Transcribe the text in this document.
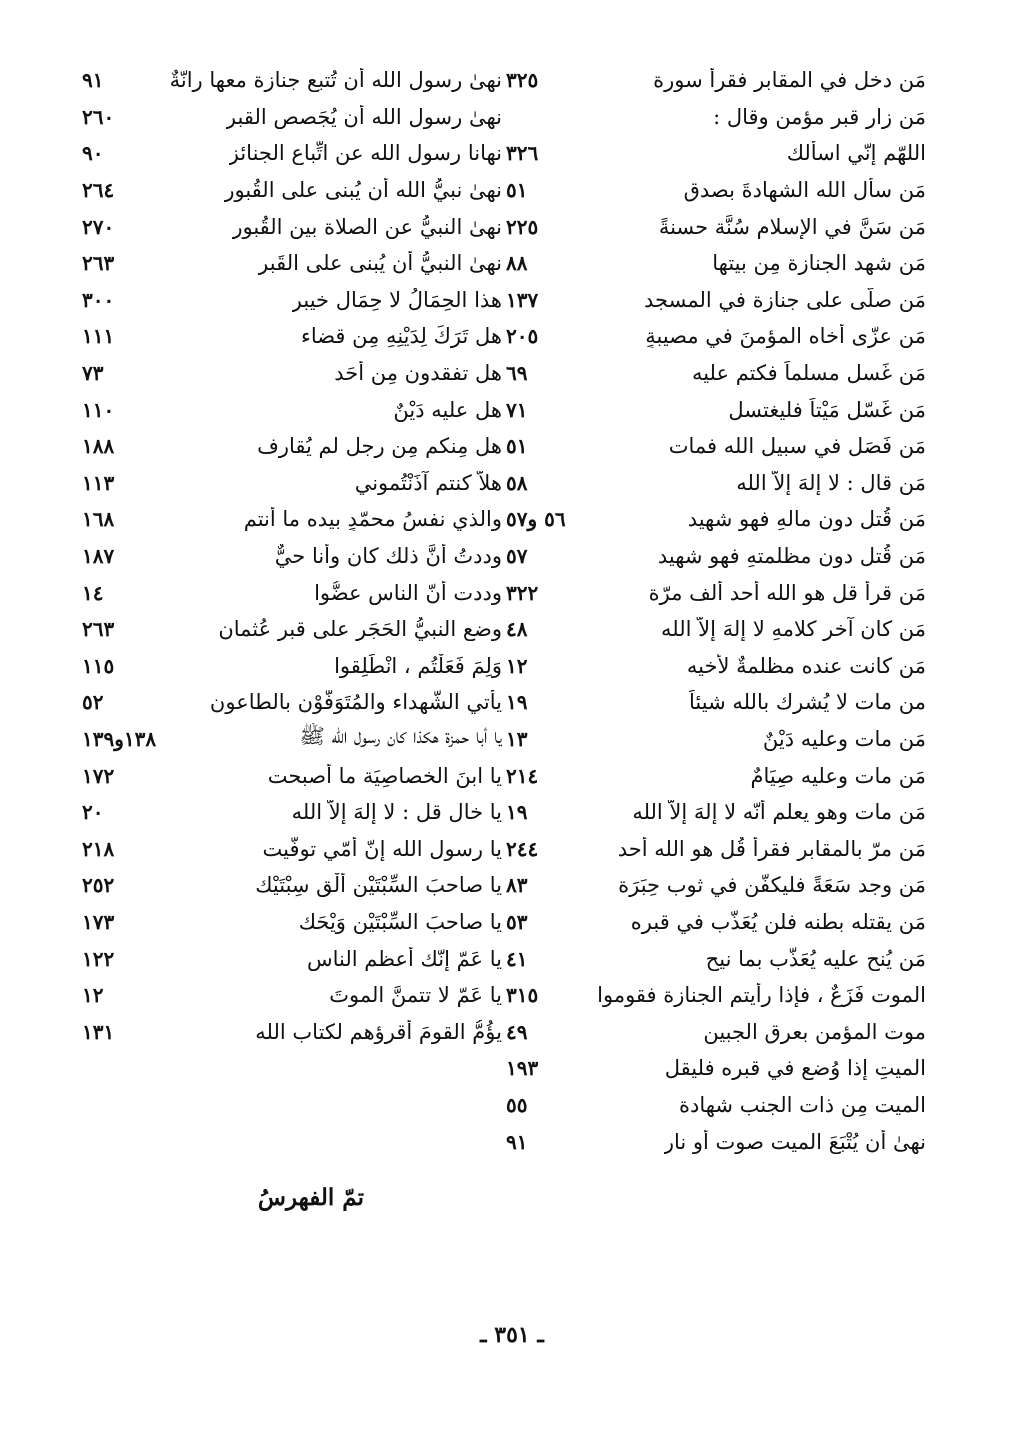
مَن دخل في المقابر فقرأ سورة
٣٢٥
مَن زار قبر مؤمن وقال :
اللهّم إنّي اسألك
٣٢٦
مَن سأل الله الشهادةَ بصدق
٥١
مَن سَنَّ في الإسلام سُنَّة حسنةً
٢٢٥
مَن شهد الجنازة مِن بيتها
٨٨
مَن صلّى على جنازة في المسجد
١٣٧
مَن عزّى أخاه المؤمنَ في مصيبةٍ
٢٠٥
مَن غَسل مسلماً فكتم عليه
٦٩
مَن غَسّل مَيْتاً فليغتسل
٧١
مَن فَصَل في سبيلِ الله فمات
٥١
مَن قال : لا إلهَ إلاّ الله
٥٨
مَن قُتل دون مالهِ فهو شهيد
٥٦ و٥٧
مَن قُتل دون مظلمتهِ فهو شهيد
٥٧
مَن قرأ قل هو الله أحد ألف مرّة
٣٢٢
مَن كان آخر كلامهِ لا إلهَ إلاّ الله
٤٨
مَن كانت عنده مظلمةٌ لأخيه
١٢
من مات لا يُشرك بالله شيئاً
١٩
مَن مات وعليه دَيْنٌ
١٣
مَن مات وعليه صِيَامٌ
٢١٤
مَن مات وهو يعلم أنّه لا إلهَ إلاّ الله
١٩
مَن مرّ بالمقابر فقرأ قُل هو الله أحد
٢٤٤
مَن وجد سَعَةً فليكفّن في ثوب حِبَرَة
٨٣
مَن يقتله بطنه فلن يُعَذّب في قبره
٥٣
مَن يُنح عليه يُعَذّب بما نيح
٤١
الموت فَزَعٌ ، فإذا رأيتم الجنازة فقوموا
٣١٥
موت المؤمن بعرق الجبين
٤٩
الميتِ إذا وُضع في قبره فليقل
١٩٣
الميت مِن ذات الجنب شهادة
٥٥
نهىٰ أن يُتْبَعَ الميت صوت أو نار
٩١
نهىٰ رسول الله أن تُتبع جنازة معها رانّةٌ
٩١
نهىٰ رسول الله أن يُجَصص القبر
٢٦٠
نهانا رسول الله عن اتِّباع الجنائز
٩٠
نهىٰ نبيُّ الله أن يُبنى على القُبور
٢٦٤
نهىٰ النبيُّ عن الصلاة بين القُبور
٢٧٠
نهىٰ النبيُّ أن يُبنى على القَبر
٢٦٣
هذا الحِمَالُ لا حِمَال خيبر
٣٠٠
هل تَرَكَ لِدَيْنِهِ مِن قضاء
١١١
هل تفقدون مِن أَحَد
٧٣
هل عليه دَيْنٌ
١١٠
هل مِنكم مِن رجل لم يُقارف
١٨٨
هلاّ كنتم آذَنْتُموني
١١٣
والذي نفسُ محمّدٍ بيده ما أنتم
١٦٨
وددتُ أنَّ ذلك كان وأنا حيٌّ
١٨٧
وددت أنّ الناس عضُّوا
١٤
وضع النبيُّ الحَجَر على قبر عُثمان
٢٦٣
وَلِمَ فَعَلْتُم ، انْطَلِقوا
١١٥
يأتي الشُّهداء والمُتَوَفَّوْن بالطاعون
٥٢
يا أبا حمزة هكذا كان رسول الله ﷺ
١٣٨و١٣٩
يا ابنَ الخصاصِيَة ما أصبحت
١٧٢
يا خال قل : لا إلهَ إلاّ الله
٢٠
يا رسول الله إنّ أُمّي توفّيت
٢١٨
يا صاحبَ السِّبْتَيْنِ أَلْقِ سِبْتَيْك
٢٥٢
يا صاحبَ السِّبْتَيْنِ وَيْحَك
١٧٣
يا عَمّ إنّك أعظم الناس
١٢٢
يا عَمّ لا تتمنَّ الموتَ
١٢
يؤُمُّ القومَ أقرؤهم لكتاب الله
١٣١
تمّ الفهرسُ
ـ ٣٥١ ـ
